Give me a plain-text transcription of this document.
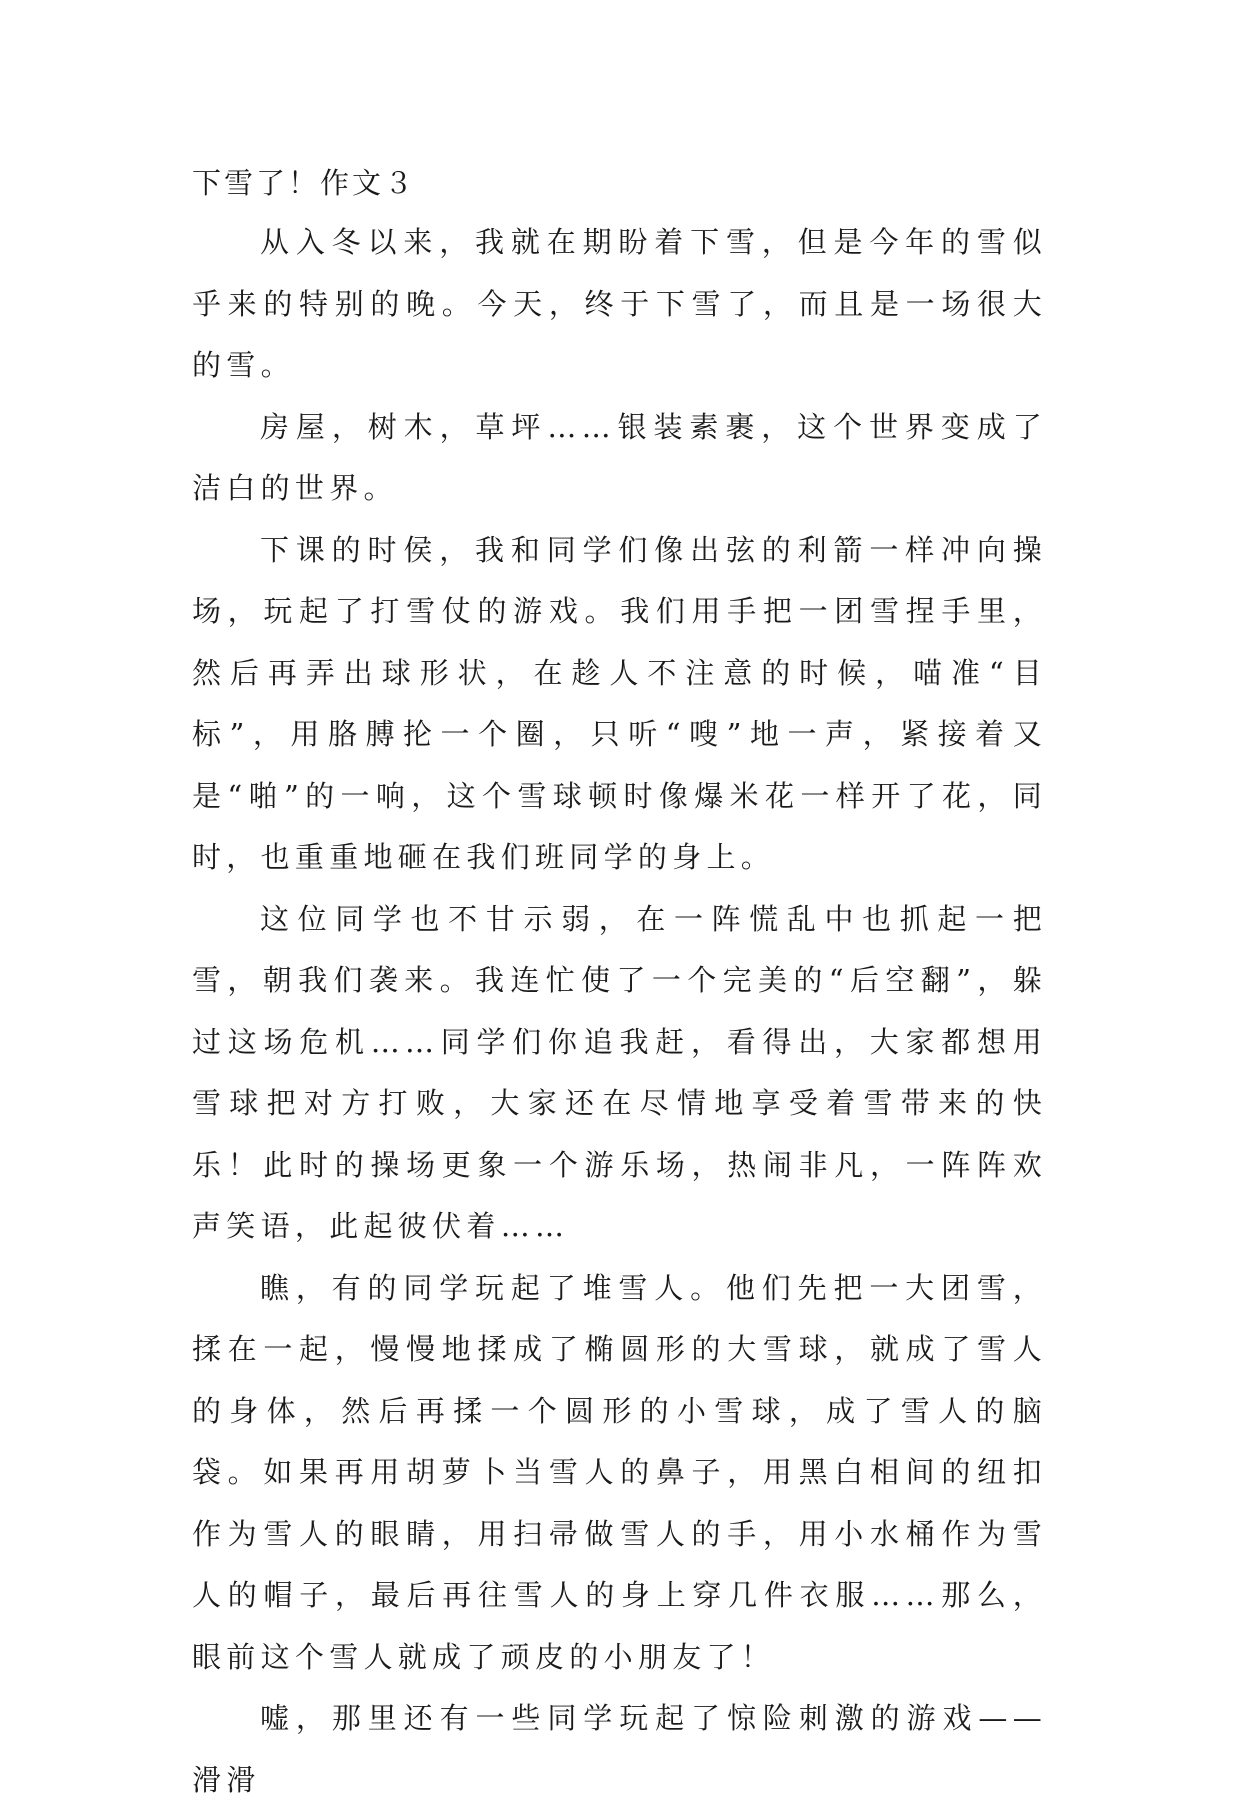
下雪了！作文３

从入冬以来，我就在期盼着下雪，但是今年的雪似乎来的特别的晚。今天，终于下雪了，而且是一场很大的雪。

房屋，树木，草坪……银装素裹，这个世界变成了洁白的世界。

下课的时侯，我和同学们像出弦的利箭一样冲向操场，玩起了打雪仗的游戏。我们用手把一团雪捏手里，然后再弄出球形状，在趁人不注意的时候，喵准“目标”，用胳膊抡一个圈，只听“嗖”地一声，紧接着又是“啪”的一响，这个雪球顿时像爆米花一样开了花，同时，也重重地砸在我们班同学的身上。

这位同学也不甘示弱，在一阵慌乱中也抓起一把雪，朝我们袭来。我连忙使了一个完美的“后空翻”，躲过这场危机……同学们你追我赶，看得出，大家都想用雪球把对方打败，大家还在尽情地享受着雪带来的快乐！此时的操场更象一个游乐场，热闹非凡，一阵阵欢声笑语，此起彼伏着……

瞧，有的同学玩起了堆雪人。他们先把一大团雪，揉在一起，慢慢地揉成了椭圆形的大雪球，就成了雪人的身体，然后再揉一个圆形的小雪球，成了雪人的脑袋。如果再用胡萝卜当雪人的鼻子，用黑白相间的纽扣作为雪人的眼睛，用扫帚做雪人的手，用小水桶作为雪人的帽子，最后再往雪人的身上穿几件衣服……那么，眼前这个雪人就成了顽皮的小朋友了！

嘘，那里还有一些同学玩起了惊险刺激的游戏——滑滑
